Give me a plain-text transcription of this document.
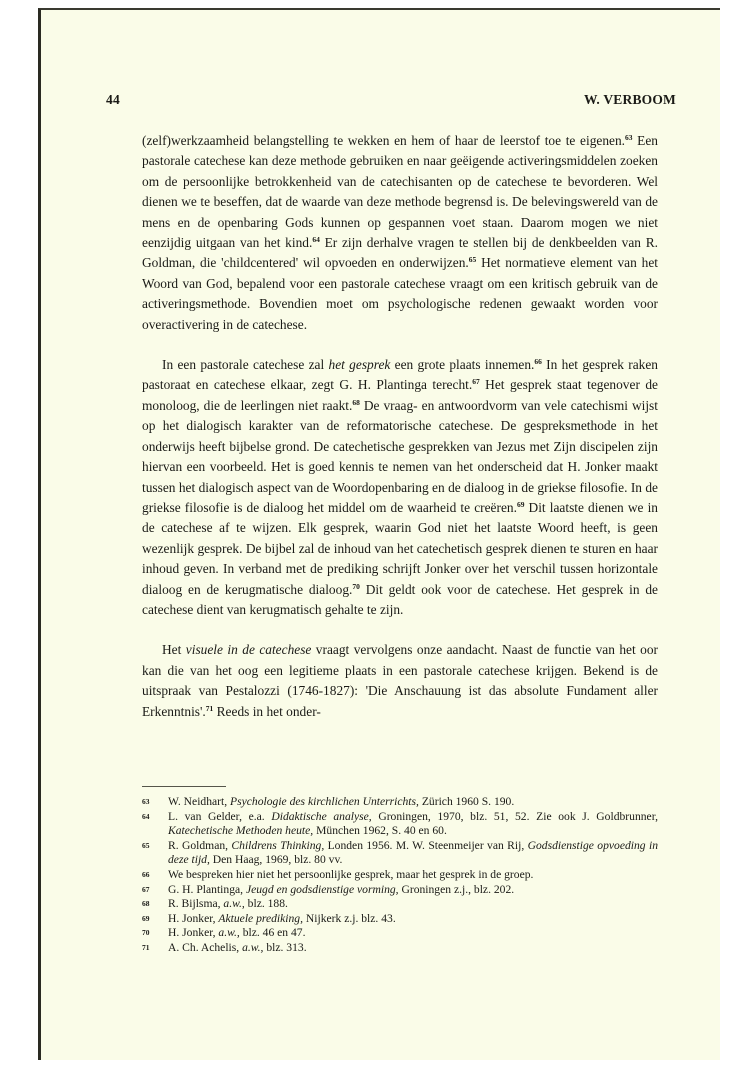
44	W. VERBOOM

(zelf)werkzaamheid belangstelling te wekken en hem of haar de leerstof toe te eigenen.$^{63}$ Een pastorale catechese kan deze methode gebruiken en naar geëigende activeringsmiddelen zoeken om de persoonlijke betrokkenheid van de catechisanten op de catechese te bevorderen. Wel dienen we te beseffen, dat de waarde van deze methode begrensd is. De belevingswereld van de mens en de openbaring Gods kunnen op gespannen voet staan. Daarom mogen we niet eenzijdig uitgaan van het kind.$^{64}$ Er zijn derhalve vragen te stellen bij de denkbeelden van R. Goldman, die 'childcentered' wil opvoeden en onderwijzen.$^{65}$ Het normatieve element van het Woord van God, bepalend voor een pastorale catechese vraagt om een kritisch gebruik van de activeringsmethode. Bovendien moet om psychologische redenen gewaakt worden voor overactivering in de catechese.

In een pastorale catechese zal het gesprek een grote plaats innemen.$^{66}$ In het gesprek raken pastoraat en catechese elkaar, zegt G. H. Plantinga terecht.$^{67}$ Het gesprek staat tegenover de monoloog, die de leerlingen niet raakt.$^{68}$ De vraag- en antwoordvorm van vele catechismi wijst op het dialogisch karakter van de reformatorische catechese. De gespreksmethode in het onderwijs heeft bijbelse grond. De catechetische gesprekken van Jezus met Zijn discipelen zijn hiervan een voorbeeld. Het is goed kennis te nemen van het onderscheid dat H. Jonker maakt tussen het dialogisch aspect van de Woordopenbaring en de dialoog in de griekse filosofie. In de griekse filosofie is de dialoog het middel om de waarheid te creëren.$^{69}$ Dit laatste dienen we in de catechese af te wijzen. Elk gesprek, waarin God niet het laatste Woord heeft, is geen wezenlijk gesprek. De bijbel zal de inhoud van het catechetisch gesprek dienen te sturen en haar inhoud geven. In verband met de prediking schrijft Jonker over het verschil tussen horizontale dialoog en de kerugmatische dialoog.$^{70}$ Dit geldt ook voor de catechese. Het gesprek in de catechese dient van kerugmatisch gehalte te zijn.

Het visuele in de catechese vraagt vervolgens onze aandacht. Naast de functie van het oor kan die van het oog een legitieme plaats in een pastorale catechese krijgen. Bekend is de uitspraak van Pestalozzi (1746-1827): 'Die Anschauung ist das absolute Fundament aller Erkenntnis'.$^{71}$ Reeds in het onder-

63 W. Neidhart, Psychologie des kirchlichen Unterrichts, Zürich 1960 S. 190.
64 L. van Gelder, e.a. Didaktische analyse, Groningen, 1970, blz. 51, 52. Zie ook J. Goldbrunner, Katechetische Methoden heute, München 1962, S. 40 en 60.
65 R. Goldman, Childrens Thinking, Londen 1956. M. W. Steenmeijer van Rij, Godsdienstige opvoeding in deze tijd, Den Haag, 1969, blz. 80 vv.
66 We bespreken hier niet het persoonlijke gesprek, maar het gesprek in de groep.
67 G. H. Plantinga, Jeugd en godsdienstige vorming, Groningen z.j., blz. 202.
68 R. Bijlsma, a.w., blz. 188.
69 H. Jonker, Aktuele prediking, Nijkerk z.j. blz. 43.
70 H. Jonker, a.w., blz. 46 en 47.
71 A. Ch. Achelis, a.w., blz. 313.
